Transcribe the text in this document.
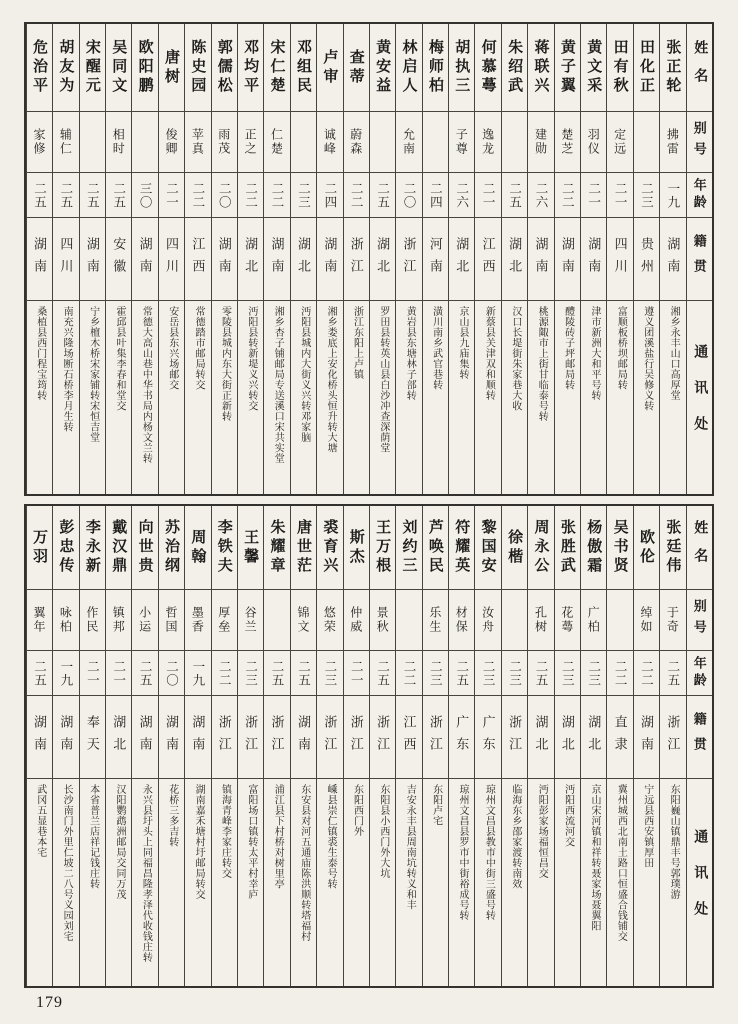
姓名
别号
年龄
籍贯
通讯处
张正轮
拂雷
一九
湖南
湘乡永丰山口高厚堂
田化正
二三
贵州
遵义团溪盐行吴修义转
田有秋
定远
二一
四川
富顺板桥坝邮局转
黄文采
羽仪
二一
湖南
津市新洲大和平号转
黄子翼
楚芝
二二
湖南
醴陵砖子坪邮局转
蒋联兴
建勋
二六
湖南
桃源陬市上街甘临泰号转
朱绍武
二五
湖北
汉口长堤街朱家巷大收
何慕蕚
逸龙
二一
江西
新蔡县关津双和顺转
胡执三
子尊
二六
湖北
京山县九庙集转
梅师柏
二四
河南
潢川南乡武官巷转
林启人
允南
二〇
浙江
黄岩县东塘林子部转
黄安益
二五
湖北
罗田县转英山县白沙冲查深荫堂
查蒂
蔚森
二二
浙江
浙江东阳上卢镇
卢审
诚峰
二四
湖南
湘乡娄底上安化桥头恒升转大塘
邓组民
二三
湖北
沔阳县城内大街义兴转邓家脑
宋仁楚
仁楚
二二
湖南
湘乡杏子铺邮局专送溪口宋共实堂
邓均平
正之
二二
湖北
沔阳县转新堤义兴转交
郭儒松
雨茂
二〇
湖南
零陵县城内东大街正新转
陈史园
苹真
二二
江西
常德踏市邮局转交
唐树
俊卿
二一
四川
安岳县东兴场邮交
欧阳鹏
三〇
湖南
常德大高山巷中华书局内杨文兰转
吴同文
相时
二五
安徽
霍邱县叶集李春和堂交
宋醒元
二五
湖南
宁乡檀木桥宋家铺转宋恒吉堂
胡友为
辅仁
二五
四川
南充兴隆场断石桥李月生转
危治平
家修
二五
湖南
桑植县西门程宝筠转
姓名
别号
年龄
籍贯
通讯处
张廷伟
于奇
二五
浙江
东阳巍山镇鼎丰号郭璞游
欧伦
绰如
二二
湖南
宁远县西安镇厚田
吴书贤
二二
直隶
冀州城西北南土路口恒盛合钱铺交
杨傲霜
广柏
二三
湖北
京山宋河镇和祥转聂家场聂翼阳
张胜武
花蕚
二三
湖北
沔阳西流河交
周永公
孔树
二五
湖北
沔阳彭家场福恒昌交
徐楷
二三
浙江
临海东乡邵家渡转南效
黎国安
汝舟
二三
广东
琼州文昌县教市中街三盛号转
符耀英
材保
二五
广东
琼州文昌县罗市中街裕成号转
芦唤民
乐生
二三
浙江
东阳卢宅
刘约三
二二
江西
吉安永丰县周南坑转义和丰
王万根
景秋
二五
浙江
东阳县小西门外大坑
斯杰
仲威
二一
浙江
东阳西门外
裘育兴
悠荣
二三
浙江
嵊县崇仁镇裘生泰号转
唐世茫
锦文
二五
湖南
东安县对河五通庙陈洪顺转塔福村
朱耀章
二五
浙江
浦江县下村桥对树里亭
王馨
谷兰
二三
浙江
富阳场口镇转太平村幸庐
李铁夫
厚垒
二二
浙江
镇海青峰李家庄转交
周翰
墨香
一九
湖南
湖南嘉禾塘村圩邮局转交
苏治纲
哲国
二〇
湖南
花桥三多吉转
向世贵
小运
二五
湖南
永兴县圩头上同福昌隆孝泽代收钱庄转
戴汉鼎
镇邦
二一
湖北
汉阳鹦鹉洲邮局交同万茂
李永新
作民
二一
奉天
本省普兰店祥记钱庄转
彭忠传
咏柏
一九
湖南
长沙南门外里仁坡二八号义园刘宅
万羽
翼年
二五
湖南
武冈五显巷本宅
179
